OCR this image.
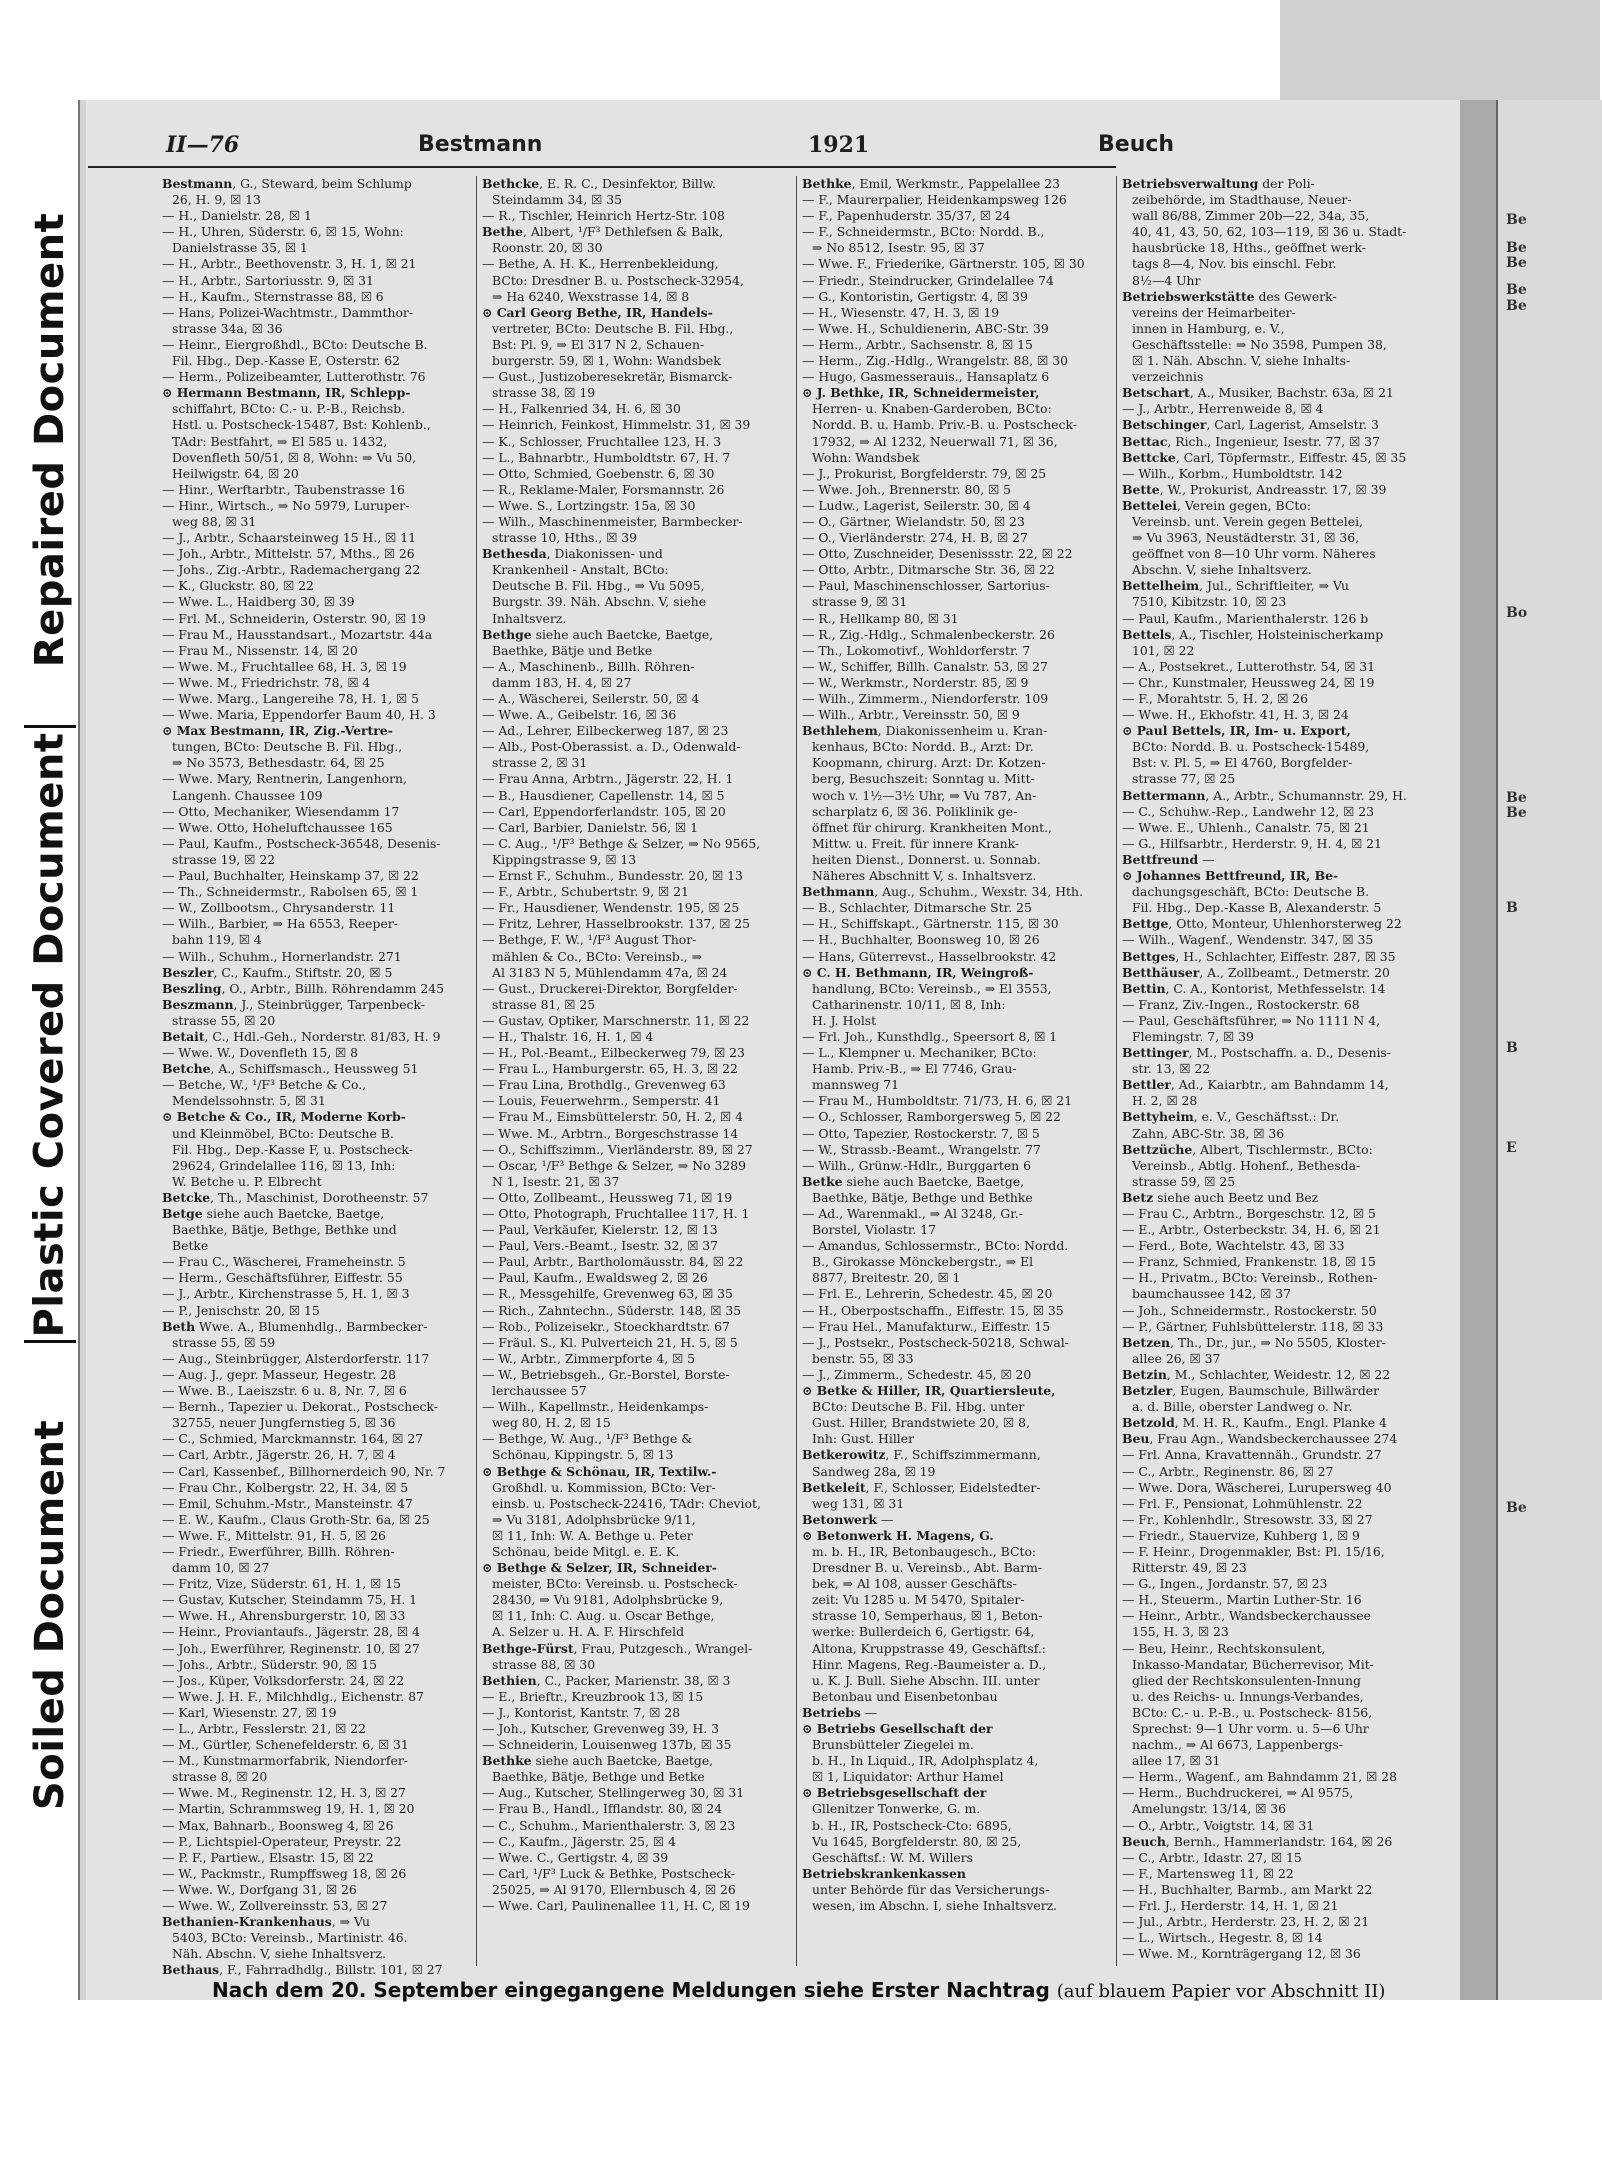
Repaired Document
Plastic Covered Document
Soiled Document
Be
Be
Be
Be
Be
Bo
Be
Be
B
B
E
Be
II—76	Bestmann	1921	Beuch

Bestmann, G., Steward, beim Schlump

26, H. 9, ☒ 13

— H., Danielstr. 28, ☒ 1

— H., Uhren, Süderstr. 6, ☒ 15, Wohn:

Danielstrasse 35, ☒ 1

— H., Arbtr., Beethovenstr. 3, H. 1, ☒ 21

— H., Arbtr., Sartoriusstr. 9, ☒ 31

— H., Kaufm., Sternstrasse 88, ☒ 6

— Hans, Polizei-Wachtmstr., Dammthor-

strasse 34a, ☒ 36

— Heinr., Eiergroßhdl., BCto: Deutsche B.

Fil. Hbg., Dep.-Kasse E, Osterstr. 62

— Herm., Polizeibeamter, Lutterothstr. 76

⊙ Hermann Bestmann, IR, Schlepp-

schiffahrt, BCto: C.- u. P.-B., Reichsb.

Hstl. u. Postscheck-15487, Bst: Kohlenb.,

TAdr: Bestfahrt, ⇒ El 585 u. 1432,

Dovenfleth 50/51, ☒ 8, Wohn: ⇒ Vu 50,

Heilwigstr. 64, ☒ 20

— Hinr., Werftarbtr., Taubenstrasse 16

— Hinr., Wirtsch., ⇒ No 5979, Luruper-

weg 88, ☒ 31

— J., Arbtr., Schaarsteinweg 15 H., ☒ 11

— Joh., Arbtr., Mittelstr. 57, Mths., ☒ 26

— Johs., Zig.-Arbtr., Rademachergang 22

— K., Gluckstr. 80, ☒ 22

— Wwe. L., Haidberg 30, ☒ 39

— Frl. M., Schneiderin, Osterstr. 90, ☒ 19

— Frau M., Hausstandsart., Mozartstr. 44a

— Frau M., Nissenstr. 14, ☒ 20

— Wwe. M., Fruchtallee 68, H. 3, ☒ 19

— Wwe. M., Friedrichstr. 78, ☒ 4

— Wwe. Marg., Langereihe 78, H. 1, ☒ 5

— Wwe. Maria, Eppendorfer Baum 40, H. 3

⊙ Max Bestmann, IR, Zig.-Vertre-

tungen, BCto: Deutsche B. Fil. Hbg.,

⇒ No 3573, Bethesdastr. 64, ☒ 25

— Wwe. Mary, Rentnerin, Langenhorn,

Langenh. Chaussee 109

— Otto, Mechaniker, Wiesendamm 17

— Wwe. Otto, Hoheluftchaussee 165

— Paul, Kaufm., Postscheck-36548, Desenis-

strasse 19, ☒ 22

— Paul, Buchhalter, Heinskamp 37, ☒ 22

— Th., Schneidermstr., Rabolsen 65, ☒ 1

— W., Zollbootsm., Chrysanderstr. 11

— Wilh., Barbier, ⇒ Ha 6553, Reeper-

bahn 119, ☒ 4

— Wilh., Schuhm., Hornerlandstr. 271

Beszler, C., Kaufm., Stiftstr. 20, ☒ 5

Beszling, O., Arbtr., Billh. Röhrendamm 245

Beszmann, J., Steinbrügger, Tarpenbeck-

strasse 55, ☒ 20

Betait, C., Hdl.-Geh., Norderstr. 81/83, H. 9

— Wwe. W., Dovenfleth 15, ☒ 8

Betche, A., Schiffsmasch., Heussweg 51

— Betche, W., ¹/F³ Betche & Co.,

Mendelssohnstr. 5, ☒ 31

⊙ Betche & Co., IR, Moderne Korb-

und Kleinmöbel, BCto: Deutsche B.

Fil. Hbg., Dep.-Kasse F, u. Postscheck-

29624, Grindelallee 116, ☒ 13, Inh:

W. Betche u. P. Elbrecht

Betcke, Th., Maschinist, Dorotheenstr. 57

Betge siehe auch Baetcke, Baetge,

Baethke, Bätje, Bethge, Bethke und

Betke

— Frau C., Wäscherei, Frameheinstr. 5

— Herm., Geschäftsführer, Eiffestr. 55

— J., Arbtr., Kirchenstrasse 5, H. 1, ☒ 3

— P., Jenischstr. 20, ☒ 15

Beth Wwe. A., Blumenhdlg., Barmbecker-

strasse 55, ☒ 59

— Aug., Steinbrügger, Alsterdorferstr. 117

— Aug. J., gepr. Masseur, Hegestr. 28

— Wwe. B., Laeiszstr. 6 u. 8, Nr. 7, ☒ 6

— Bernh., Tapezier u. Dekorat., Postscheck-

32755, neuer Jungfernstieg 5, ☒ 36

— C., Schmied, Marckmannstr. 164, ☒ 27

— Carl, Arbtr., Jägerstr. 26, H. 7, ☒ 4

— Carl, Kassenbef., Billhornerdeich 90, Nr. 7

— Frau Chr., Kolbergstr. 22, H. 34, ☒ 5

— Emil, Schuhm.-Mstr., Mansteinstr. 47

— E. W., Kaufm., Claus Groth-Str. 6a, ☒ 25

— Wwe. F., Mittelstr. 91, H. 5, ☒ 26

— Friedr., Ewerführer, Billh. Röhren-

damm 10, ☒ 27

— Fritz, Vize, Süderstr. 61, H. 1, ☒ 15

— Gustav, Kutscher, Steindamm 75, H. 1

— Wwe. H., Ahrensburgerstr. 10, ☒ 33

— Heinr., Proviantaufs., Jägerstr. 28, ☒ 4

— Joh., Ewerführer, Reginenstr. 10, ☒ 27

— Johs., Arbtr., Süderstr. 90, ☒ 15

— Jos., Küper, Volksdorferstr. 24, ☒ 22

— Wwe. J. H. F., Milchhdlg., Eichenstr. 87

— Karl, Wiesenstr. 27, ☒ 19

— L., Arbtr., Fesslerstr. 21, ☒ 22

— M., Gürtler, Schenefelderstr. 6, ☒ 31

— M., Kunstmarmorfabrik, Niendorfer-

strasse 8, ☒ 20

— Wwe. M., Reginenstr. 12, H. 3, ☒ 27

— Martin, Schrammsweg 19, H. 1, ☒ 20

— Max, Bahnarb., Boonsweg 4, ☒ 26

— P., Lichtspiel-Operateur, Preystr. 22

— P. F., Partiew., Elsastr. 15, ☒ 22

— W., Packmstr., Rumpffsweg 18, ☒ 26

— Wwe. W., Dorfgang 31, ☒ 26

— Wwe. W., Zollvereinsstr. 53, ☒ 27

Bethanien-Krankenhaus, ⇒ Vu

5403, BCto: Vereinsb., Martinistr. 46.

Näh. Abschn. V, siehe Inhaltsverz.

Bethaus, F., Fahrradhdlg., Billstr. 101, ☒ 27

Bethcke, E. R. C., Desinfektor, Billw.

Steindamm 34, ☒ 35

— R., Tischler, Heinrich Hertz-Str. 108

Bethe, Albert, ¹/F³ Dethlefsen & Balk,

Roonstr. 20, ☒ 30

— Bethe, A. H. K., Herrenbekleidung,

BCto: Dresdner B. u. Postscheck-32954,

⇒ Ha 6240, Wexstrasse 14, ☒ 8

⊙ Carl Georg Bethe, IR, Handels-

vertreter, BCto: Deutsche B. Fil. Hbg.,

Bst: Pl. 9, ⇒ El 317 N 2, Schauen-

burgerstr. 59, ☒ 1, Wohn: Wandsbek

— Gust., Justizoberesekretär, Bismarck-

strasse 38, ☒ 19

— H., Falkenried 34, H. 6, ☒ 30

— Heinrich, Feinkost, Himmelstr. 31, ☒ 39

— K., Schlosser, Fruchtallee 123, H. 3

— L., Bahnarbtr., Humboldtstr. 67, H. 7

— Otto, Schmied, Goebenstr. 6, ☒ 30

— R., Reklame-Maler, Forsmannstr. 26

— Wwe. S., Lortzingstr. 15a, ☒ 30

— Wilh., Maschinenmeister, Barmbecker-

strasse 10, Hths., ☒ 39

Bethesda, Diakonissen- und

Krankenheil - Anstalt, BCto:

Deutsche B. Fil. Hbg., ⇒ Vu 5095,

Burgstr. 39. Näh. Abschn. V, siehe

Inhaltsverz.

Bethge siehe auch Baetcke, Baetge,

Baethke, Bätje und Betke

— A., Maschinenb., Billh. Röhren-

damm 183, H. 4, ☒ 27

— A., Wäscherei, Seilerstr. 50, ☒ 4

— Wwe. A., Geibelstr. 16, ☒ 36

— Ad., Lehrer, Eilbeckerweg 187, ☒ 23

— Alb., Post-Oberassist. a. D., Odenwald-

strasse 2, ☒ 31

— Frau Anna, Arbtrn., Jägerstr. 22, H. 1

— B., Hausdiener, Capellenstr. 14, ☒ 5

— Carl, Eppendorferlandstr. 105, ☒ 20

— Carl, Barbier, Danielstr. 56, ☒ 1

— C. Aug., ¹/F³ Bethge & Selzer, ⇒ No 9565,

Kippingstrasse 9, ☒ 13

— Ernst F., Schuhm., Bundesstr. 20, ☒ 13

— F., Arbtr., Schubertstr. 9, ☒ 21

— Fr., Hausdiener, Wendenstr. 195, ☒ 25

— Fritz, Lehrer, Hasselbrookstr. 137, ☒ 25

— Bethge, F. W., ¹/F³ August Thor-

mählen & Co., BCto: Vereinsb., ⇒

Al 3183 N 5, Mühlendamm 47a, ☒ 24

— Gust., Druckerei-Direktor, Borgfelder-

strasse 81, ☒ 25

— Gustav, Optiker, Marschnerstr. 11, ☒ 22

— H., Thalstr. 16, H. 1, ☒ 4

— H., Pol.-Beamt., Eilbeckerweg 79, ☒ 23

— Frau L., Hamburgerstr. 65, H. 3, ☒ 22

— Frau Lina, Brothdlg., Grevenweg 63

— Louis, Feuerwehrm., Semperstr. 41

— Frau M., Eimsbüttelerstr. 50, H. 2, ☒ 4

— Wwe. M., Arbtrn., Borgeschstrasse 14

— O., Schiffszimm., Vierländerstr. 89, ☒ 27

— Oscar, ¹/F³ Bethge & Selzer, ⇒ No 3289

N 1, Isestr. 21, ☒ 37

— Otto, Zollbeamt., Heussweg 71, ☒ 19

— Otto, Photograph, Fruchtallee 117, H. 1

— Paul, Verkäufer, Kielerstr. 12, ☒ 13

— Paul, Vers.-Beamt., Isestr. 32, ☒ 37

— Paul, Arbtr., Bartholomäusstr. 84, ☒ 22

— Paul, Kaufm., Ewaldsweg 2, ☒ 26

— R., Messgehilfe, Grevenweg 63, ☒ 35

— Rich., Zahntechn., Süderstr. 148, ☒ 35

— Rob., Polizeisekr., Stoeckhardtstr. 67

— Fräul. S., Kl. Pulverteich 21, H. 5, ☒ 5

— W., Arbtr., Zimmerpforte 4, ☒ 5

— W., Betriebsgeh., Gr.-Borstel, Borste-

lerchaussee 57

— Wilh., Kapellmstr., Heidenkamps-

weg 80, H. 2, ☒ 15

— Bethge, W. Aug., ¹/F³ Bethge &

Schönau, Kippingstr. 5, ☒ 13

⊙ Bethge & Schönau, IR, Textilw.-

Großhdl. u. Kommission, BCto: Ver-

einsb. u. Postscheck-22416, TAdr: Cheviot,

⇒ Vu 3181, Adolphsbrücke 9/11,

☒ 11, Inh: W. A. Bethge u. Peter

Schönau, beide Mitgl. e. E. K.

⊙ Bethge & Selzer, IR, Schneider-

meister, BCto: Vereinsb. u. Postscheck-

28430, ⇒ Vu 9181, Adolphsbrücke 9,

☒ 11, Inh: C. Aug. u. Oscar Bethge,

A. Selzer u. H. A. F. Hirschfeld

Bethge-Fürst, Frau, Putzgesch., Wrangel-

strasse 88, ☒ 30

Bethien, C., Packer, Marienstr. 38, ☒ 3

— E., Brieftr., Kreuzbrook 13, ☒ 15

— J., Kontorist, Kantstr. 7, ☒ 28

— Joh., Kutscher, Grevenweg 39, H. 3

— Schneiderin, Louisenweg 137b, ☒ 35

Bethke siehe auch Baetcke, Baetge,

Baethke, Bätje, Bethge und Betke

— Aug., Kutscher, Stellingerweg 30, ☒ 31

— Frau B., Handl., Ifflandstr. 80, ☒ 24

— C., Schuhm., Marienthalerstr. 3, ☒ 23

— C., Kaufm., Jägerstr. 25, ☒ 4

— Wwe. C., Gertigstr. 4, ☒ 39

— Carl, ¹/F³ Luck & Bethke, Postscheck-

25025, ⇒ Al 9170, Ellernbusch 4, ☒ 26

— Wwe. Carl, Paulinenallee 11, H. C, ☒ 19

Bethke, Emil, Werkmstr., Pappelallee 23

— F., Maurerpalier, Heidenkampsweg 126

— F., Papenhuderstr. 35/37, ☒ 24

— F., Schneidermstr., BCto: Nordd. B.,

⇒ No 8512, Isestr. 95, ☒ 37

— Wwe. F., Friederike, Gärtnerstr. 105, ☒ 30

— Friedr., Steindrucker, Grindelallee 74

— G., Kontoristin, Gertigstr. 4, ☒ 39

— H., Wiesenstr. 47, H. 3, ☒ 19

— Wwe. H., Schuldienerin, ABC-Str. 39

— Herm., Arbtr., Sachsenstr. 8, ☒ 15

— Herm., Zig.-Hdlg., Wrangelstr. 88, ☒ 30

— Hugo, Gasmesserauis., Hansaplatz 6

⊙ J. Bethke, IR, Schneidermeister,

Herren- u. Knaben-Garderoben, BCto:

Nordd. B. u. Hamb. Priv.-B. u. Postscheck-

17932, ⇒ Al 1232, Neuerwall 71, ☒ 36,

Wohn: Wandsbek

— J., Prokurist, Borgfelderstr. 79, ☒ 25

— Wwe. Joh., Brennerstr. 80, ☒ 5

— Ludw., Lagerist, Seilerstr. 30, ☒ 4

— O., Gärtner, Wielandstr. 50, ☒ 23

— O., Vierländerstr. 274, H. B, ☒ 27

— Otto, Zuschneider, Desenissstr. 22, ☒ 22

— Otto, Arbtr., Ditmarsche Str. 36, ☒ 22

— Paul, Maschinenschlosser, Sartorius-

strasse 9, ☒ 31

— R., Hellkamp 80, ☒ 31

— R., Zig.-Hdlg., Schmalenbeckerstr. 26

— Th., Lokomotivf., Wohldorferstr. 7

— W., Schiffer, Billh. Canalstr. 53, ☒ 27

— W., Werkmstr., Norderstr. 85, ☒ 9

— Wilh., Zimmerm., Niendorferstr. 109

— Wilh., Arbtr., Vereinsstr. 50, ☒ 9

Bethlehem, Diakonissenheim u. Kran-

kenhaus, BCto: Nordd. B., Arzt: Dr.

Koopmann, chirurg. Arzt: Dr. Kotzen-

berg, Besuchszeit: Sonntag u. Mitt-

woch v. 1½—3½ Uhr, ⇒ Vu 787, An-

scharplatz 6, ☒ 36. Poliklinik ge-

öffnet für chirurg. Krankheiten Mont.,

Mittw. u. Freit. für innere Krank-

heiten Dienst., Donnerst. u. Sonnab.

Näheres Abschnitt V, s. Inhaltsverz.

Bethmann, Aug., Schuhm., Wexstr. 34, Hth.

— B., Schlachter, Ditmarsche Str. 25

— H., Schiffskapt., Gärtnerstr. 115, ☒ 30

— H., Buchhalter, Boonsweg 10, ☒ 26

— Hans, Güterrevst., Hasselbrookstr. 42

⊙ C. H. Bethmann, IR, Weingroß-

handlung, BCto: Vereinsb., ⇒ El 3553,

Catharinenstr. 10/11, ☒ 8, Inh:

H. J. Holst

— Frl. Joh., Kunsthdlg., Speersort 8, ☒ 1

— L., Klempner u. Mechaniker, BCto:

Hamb. Priv.-B., ⇒ El 7746, Grau-

mannsweg 71

— Frau M., Humboldtstr. 71/73, H. 6, ☒ 21

— O., Schlosser, Ramborgersweg 5, ☒ 22

— Otto, Tapezier, Rostockerstr. 7, ☒ 5

— W., Strassb.-Beamt., Wrangelstr. 77

— Wilh., Grünw.-Hdlr., Burggarten 6

Betke siehe auch Baetcke, Baetge,

Baethke, Bätje, Bethge und Bethke

— Ad., Warenmakl., ⇒ Al 3248, Gr.-

Borstel, Violastr. 17

— Amandus, Schlossermstr., BCto: Nordd.

B., Girokasse Mönckebergstr., ⇒ El

8877, Breitestr. 20, ☒ 1

— Frl. E., Lehrerin, Schedestr. 45, ☒ 20

— H., Oberpostschaffn., Eiffestr. 15, ☒ 35

— Frau Hel., Manufakturw., Eiffestr. 15

— J., Postsekr., Postscheck-50218, Schwal-

benstr. 55, ☒ 33

— J., Zimmerm., Schedestr. 45, ☒ 20

⊙ Betke & Hiller, IR, Quartiersleute,

BCto: Deutsche B. Fil. Hbg. unter

Gust. Hiller, Brandstwiete 20, ☒ 8,

Inh: Gust. Hiller

Betkerowitz, F., Schiffszimmermann,

Sandweg 28a, ☒ 19

Betkeleit, F., Schlosser, Eidelstedter-

weg 131, ☒ 31

Betonwerk —

⊙ Betonwerk H. Magens, G.

m. b. H., IR, Betonbaugesch., BCto:

Dresdner B. u. Vereinsb., Abt. Barm-

bek, ⇒ Al 108, ausser Geschäfts-

zeit: Vu 1285 u. M 5470, Spitaler-

strasse 10, Semperhaus, ☒ 1, Beton-

werke: Bullerdeich 6, Gertigstr. 64,

Altona, Kruppstrasse 49, Geschäftsf.:

Hinr. Magens, Reg.-Baumeister a. D.,

u. K. J. Bull. Siehe Abschn. III. unter

Betonbau und Eisenbetonbau

Betriebs —

⊙ Betriebs Gesellschaft der

Brunsbütteler Ziegelei m.

b. H., In Liquid., IR, Adolphsplatz 4,

☒ 1, Liquidator: Arthur Hamel

⊙ Betriebsgesellschaft der

Gllenitzer Tonwerke, G. m.

b. H., IR, Postscheck-Cto: 6895,

Vu 1645, Borgfelderstr. 80, ☒ 25,

Geschäftsf.: W. M. Willers

Betriebskrankenkassen

unter Behörde für das Versicherungs-

wesen, im Abschn. I, siehe Inhaltsverz.

Betriebsverwaltung der Poli-

zeibehörde, im Stadthause, Neuer-

wall 86/88, Zimmer 20b—22, 34a, 35,

40, 41, 43, 50, 62, 103—119, ☒ 36 u. Stadt-

hausbrücke 18, Hths., geöffnet werk-

tags 8—4, Nov. bis einschl. Febr.

8½—4 Uhr

Betriebswerkstätte des Gewerk-

vereins der Heimarbeiter-

innen in Hamburg, e. V.,

Geschäftsstelle: ⇒ No 3598, Pumpen 38,

☒ 1. Näh. Abschn. V, siehe Inhalts-

verzeichnis

Betschart, A., Musiker, Bachstr. 63a, ☒ 21

— J., Arbtr., Herrenweide 8, ☒ 4

Betschinger, Carl, Lagerist, Amselstr. 3

Bettac, Rich., Ingenieur, Isestr. 77, ☒ 37

Bettcke, Carl, Töpfermstr., Eiffestr. 45, ☒ 35

— Wilh., Korbm., Humboldtstr. 142

Bette, W., Prokurist, Andreasstr. 17, ☒ 39

Bettelei, Verein gegen, BCto:

Vereinsb. unt. Verein gegen Bettelei,

⇒ Vu 3963, Neustädterstr. 31, ☒ 36,

geöffnet von 8—10 Uhr vorm. Näheres

Abschn. V, siehe Inhaltsverz.

Bettelheim, Jul., Schriftleiter, ⇒ Vu

7510, Kibitzstr. 10, ☒ 23

— Paul, Kaufm., Marienthalerstr. 126 b

Bettels, A., Tischler, Holsteinischerkamp

101, ☒ 22

— A., Postsekret., Lutterothstr. 54, ☒ 31

— Chr., Kunstmaler, Heussweg 24, ☒ 19

— F., Morahtstr. 5, H. 2, ☒ 26

— Wwe. H., Ekhofstr. 41, H. 3, ☒ 24

⊙ Paul Bettels, IR, Im- u. Export,

BCto: Nordd. B. u. Postscheck-15489,

Bst: v. Pl. 5, ⇒ El 4760, Borgfelder-

strasse 77, ☒ 25

Bettermann, A., Arbtr., Schumannstr. 29, H.

— C., Schuhw.-Rep., Landwehr 12, ☒ 23

— Wwe. E., Uhlenh., Canalstr. 75, ☒ 21

— G., Hilfsarbtr., Herderstr. 9, H. 4, ☒ 21

Bettfreund —

⊙ Johannes Bettfreund, IR, Be-

dachungsgeschäft, BCto: Deutsche B.

Fil. Hbg., Dep.-Kasse B, Alexanderstr. 5

Bettge, Otto, Monteur, Uhlenhorsterweg 22

— Wilh., Wagenf., Wendenstr. 347, ☒ 35

Bettges, H., Schlachter, Eiffestr. 287, ☒ 35

Betthäuser, A., Zollbeamt., Detmerstr. 20

Bettin, C. A., Kontorist, Methfesselstr. 14

— Franz, Ziv.-Ingen., Rostockerstr. 68

— Paul, Geschäftsführer, ⇒ No 1111 N 4,

Flemingstr. 7, ☒ 39

Bettinger, M., Postschaffn. a. D., Desenis-

str. 13, ☒ 22

Bettler, Ad., Kaiarbtr., am Bahndamm 14,

H. 2, ☒ 28

Bettyheim, e. V., Geschäftsst.: Dr.

Zahn, ABC-Str. 38, ☒ 36

Bettzüche, Albert, Tischlermstr., BCto:

Vereinsb., Abtlg. Hohenf., Bethesda-

strasse 59, ☒ 25

Betz siehe auch Beetz und Bez

— Frau C., Arbtrn., Borgeschstr. 12, ☒ 5

— E., Arbtr., Osterbeckstr. 34, H. 6, ☒ 21

— Ferd., Bote, Wachtelstr. 43, ☒ 33

— Franz, Schmied, Frankenstr. 18, ☒ 15

— H., Privatm., BCto: Vereinsb., Rothen-

baumchaussee 142, ☒ 37

— Joh., Schneidermstr., Rostockerstr. 50

— P., Gärtner, Fuhlsbüttelerstr. 118, ☒ 33

Betzen, Th., Dr., jur., ⇒ No 5505, Kloster-

allee 26, ☒ 37

Betzin, M., Schlachter, Weidestr. 12, ☒ 22

Betzler, Eugen, Baumschule, Billwärder

a. d. Bille, oberster Landweg o. Nr.

Betzold, M. H. R., Kaufm., Engl. Planke 4

Beu, Frau Agn., Wandsbeckerchaussee 274

— Frl. Anna, Kravattennäh., Grundstr. 27

— C., Arbtr., Reginenstr. 86, ☒ 27

— Wwe. Dora, Wäscherei, Lurupersweg 40

— Frl. F., Pensionat, Lohmühlenstr. 22

— Fr., Kohlenhdlr., Stresowstr. 33, ☒ 27

— Friedr., Stauervize, Kuhberg 1, ☒ 9

— F. Heinr., Drogenmakler, Bst: Pl. 15/16,

Ritterstr. 49, ☒ 23

— G., Ingen., Jordanstr. 57, ☒ 23

— H., Steuerm., Martin Luther-Str. 16

— Heinr., Arbtr., Wandsbeckerchaussee

155, H. 3, ☒ 23

— Beu, Heinr., Rechtskonsulent,

Inkasso-Mandatar, Bücherrevisor, Mit-

glied der Rechtskonsulenten-Innung

u. des Reichs- u. Innungs-Verbandes,

BCto: C.- u. P.-B., u. Postscheck- 8156,

Sprechst: 9—1 Uhr vorm. u. 5—6 Uhr

nachm., ⇒ Al 6673, Lappenbergs-

allee 17, ☒ 31

— Herm., Wagenf., am Bahndamm 21, ☒ 28

— Herm., Buchdruckerei, ⇒ Al 9575,

Amelungstr. 13/14, ☒ 36

— O., Arbtr., Voigtstr. 14, ☒ 31

Beuch, Bernh., Hammerlandstr. 164, ☒ 26

— C., Arbtr., Idastr. 27, ☒ 15

— F., Martensweg 11, ☒ 22

— H., Buchhalter, Barmb., am Markt 22

— Frl. J., Herderstr. 14, H. 1, ☒ 21

— Jul., Arbtr., Herderstr. 23, H. 2, ☒ 21

— L., Wirtsch., Hegestr. 8, ☒ 14

— Wwe. M., Kornträgergang 12, ☒ 36

Nach dem 20. September eingegangene Meldungen siehe Erster Nachtrag (auf blauem Papier vor Abschnitt II)
